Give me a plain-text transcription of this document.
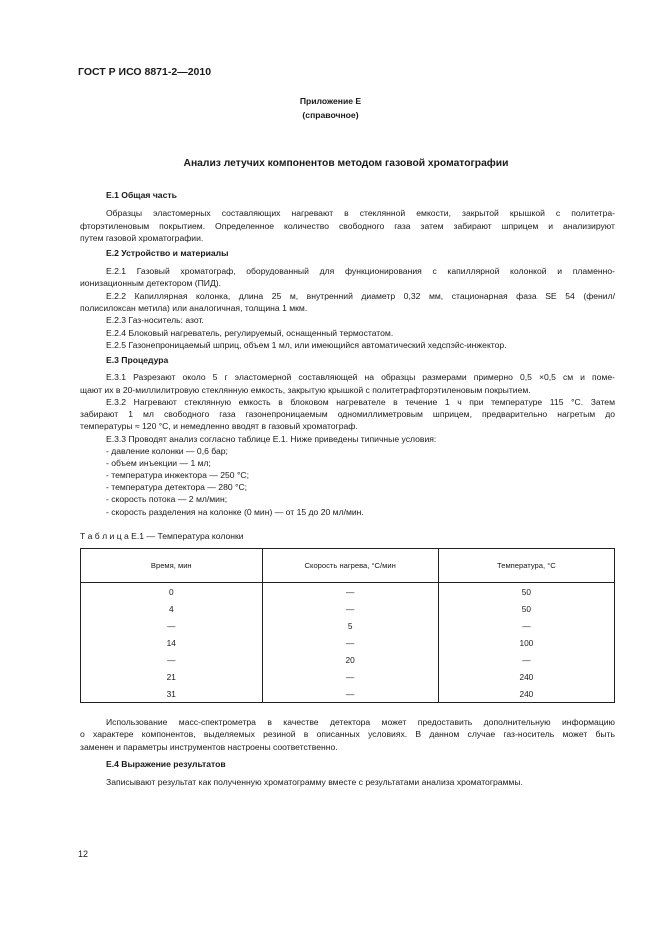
ГОСТ Р ИСО 8871-2—2010
Приложение Е
(справочное)
Анализ летучих компонентов методом газовой хроматографии
Е.1 Общая часть
Образцы эластомерных составляющих нагревают в стеклянной емкости, закрытой крышкой с политетра-
фторэтиленовым покрытием. Определенное количество свободного газа затем забирают шприцем и анализируют
путем газовой хроматографии.
Е.2 Устройство и материалы
Е.2.1 Газовый хроматограф, оборудованный для функционирования с капиллярной колонкой и пламенно-
ионизационным детектором (ПИД).
Е.2.2 Капиллярная колонка, длина 25 м, внутренний диаметр 0,32 мм, стационарная фаза SE 54 (фенил/
полисилоксан метила) или аналогичная, толщина 1 мкм.
Е.2.3 Газ-носитель: азот.
Е.2.4 Блоковый нагреватель, регулируемый, оснащенный термостатом.
Е.2.5 Газонепроницаемый шприц, объем 1 мл, или имеющийся автоматический хедспэйс-инжектор.
Е.3 Процедура
Е.3.1 Разрезают около 5 г эластомерной составляющей на образцы размерами примерно 0,5 ×0,5 см и поме-
щают их в 20-миллилитровую стеклянную емкость, закрытую крышкой с политетрафторэтиленовым покрытием.
Е.3.2 Нагревают стеклянную емкость в блоковом нагревателе в течение 1 ч при температуре 115 °С. Затем
забирают 1 мл свободного газа газонепроницаемым одномиллиметровым шприцем, предварительно нагретым до
температуры ≈ 120 °С, и немедленно вводят в газовый хроматограф.
Е.3.3 Проводят анализ согласно таблице Е.1. Ниже приведены типичные условия:
- давление колонки — 0,6 бар;
- объем инъекции — 1 мл;
- температура инжектора — 250 °С;
- температура детектора — 280 °С;
- скорость потока — 2 мл/мин;
- скорость разделения на колонке (0 мин) — от 15 до 20 мл/мин.
Т а б л и ц а Е.1 — Температура колонки
Время, мин	Скорость нагрева, °С/мин	Температура, °С
0	—	50
4	—	50
—	5	—
14	—	100
—	20	—
21	—	240
31	—	240
Использование масс-спектрометра в качестве детектора может предоставить дополнительную информацию
о характере компонентов, выделяемых резиной в описанных условиях. В данном случае газ-носитель может быть
заменен и параметры инструментов настроены соответственно.
Е.4 Выражение результатов
Записывают результат как полученную хроматограмму вместе с результатами анализа хроматограммы.
12
